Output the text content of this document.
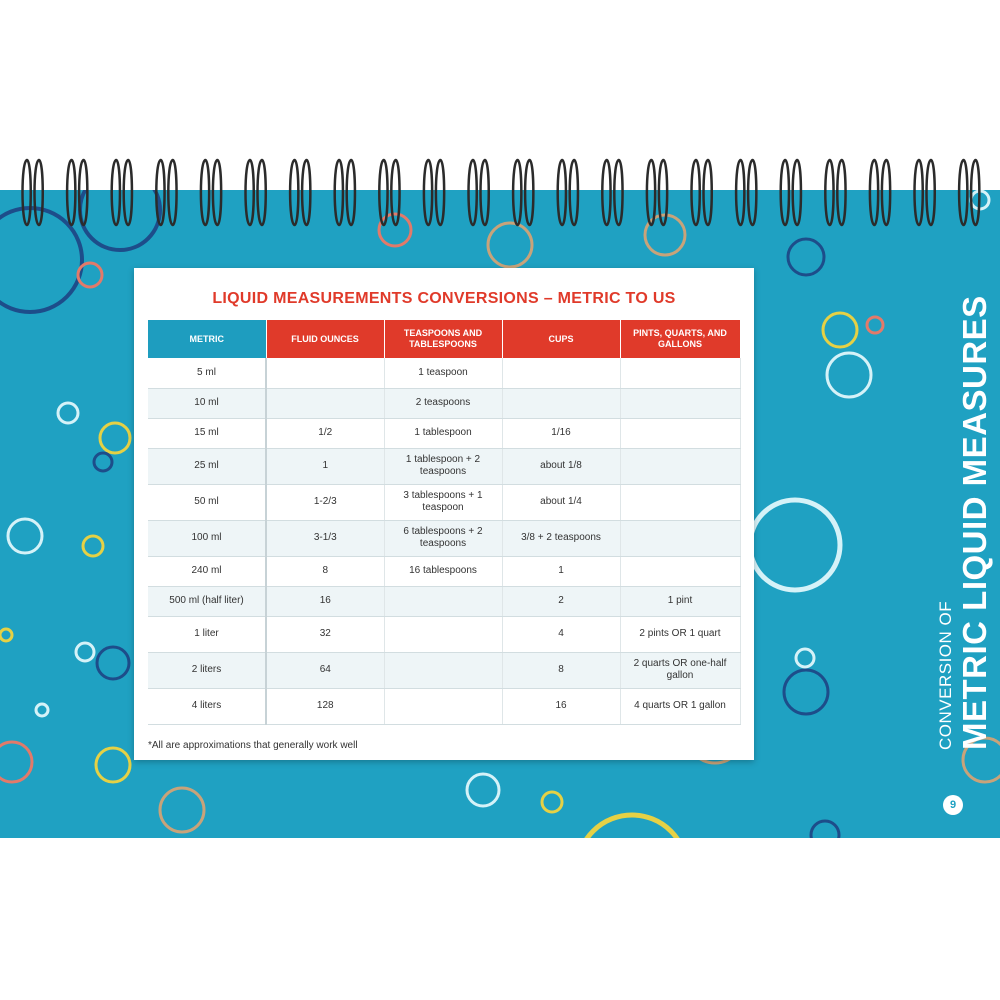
LIQUID MEASUREMENTS CONVERSIONS – METRIC TO US
METRIC	FLUID OUNCES	TEASPOONS AND TABLESPOONS	CUPS	PINTS, QUARTS, AND GALLONS
5 ml		1 teaspoon		
10 ml		2 teaspoons		
15 ml	1/2	1 tablespoon	1/16	
25 ml	1	1 tablespoon + 2 teaspoons	about 1/8	
50 ml	1-2/3	3 tablespoons + 1 teaspoon	about 1/4	
100 ml	3-1/3	6 tablespoons + 2 teaspoons	3/8 + 2 teaspoons	
240 ml	8	16 tablespoons	1	
500 ml (half liter)	16		2	1 pint
1 liter	32		4	2 pints OR 1 quart
2 liters	64		8	2 quarts OR one-half gallon
4 liters	128		16	4 quarts OR 1 gallon
*All are approximations that generally work well	CONVERSION OF METRIC LIQUID MEASURES
9
